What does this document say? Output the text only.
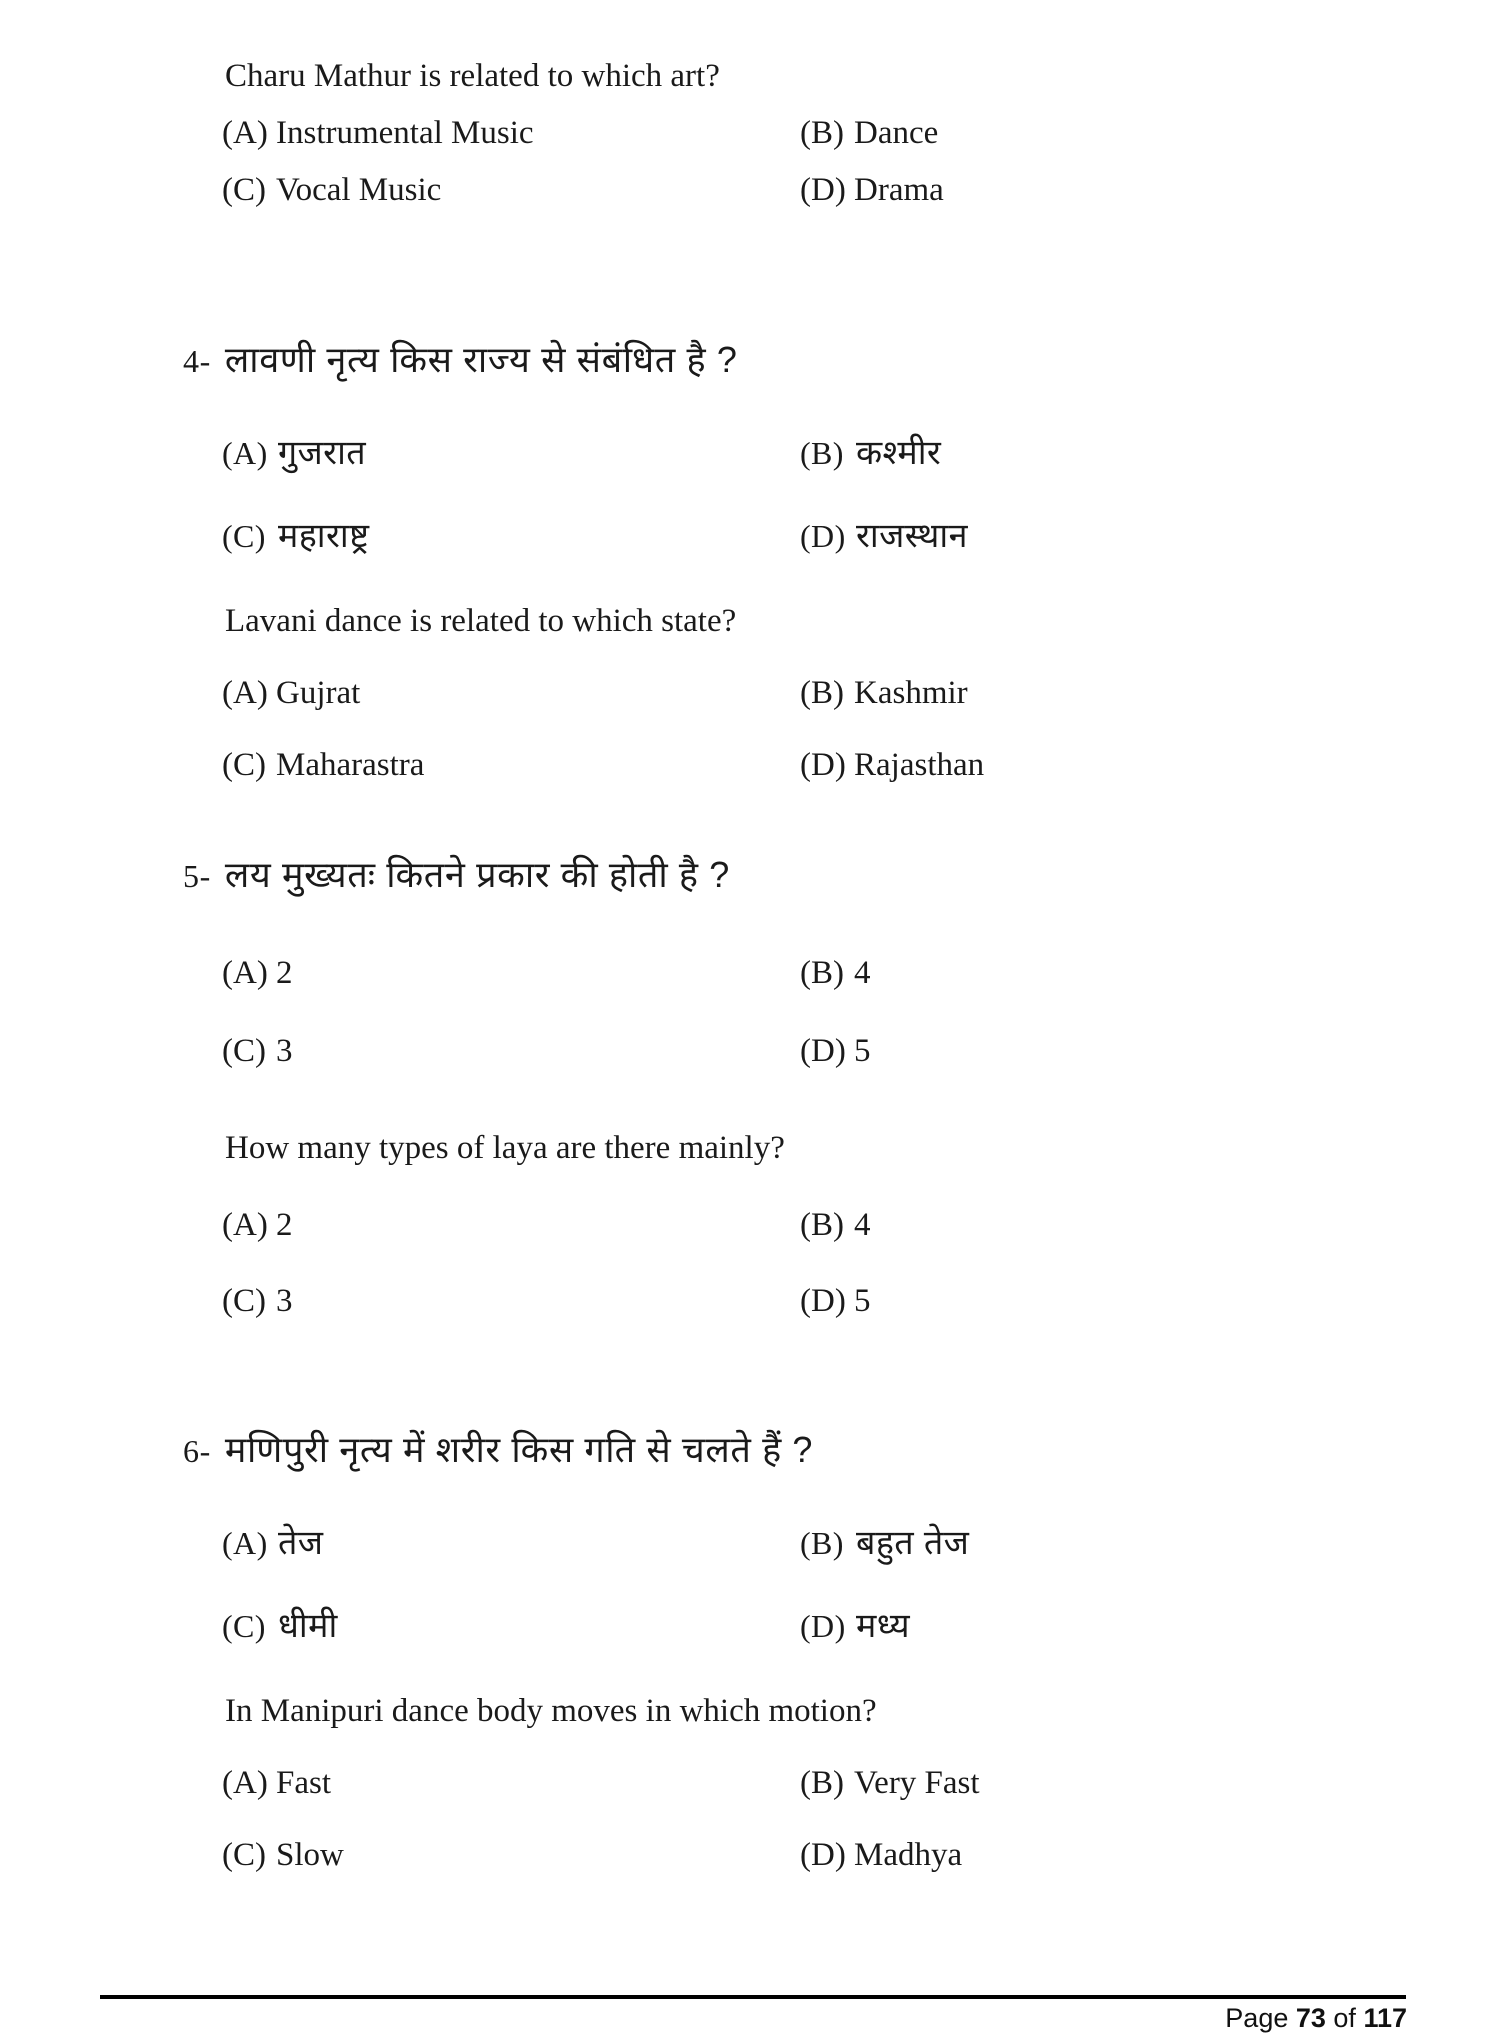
Charu Mathur is related to which art?
(A) Instrumental Music	(B) Dance
(C) Vocal Music	(D) Drama
4- लावणी नृत्य किस राज्य से संबंधित है ?
(A) गुजरात	(B) कश्मीर
(C) महाराष्ट्र	(D) राजस्थान
Lavani dance is related to which state?
(A) Gujrat	(B) Kashmir
(C) Maharastra	(D) Rajasthan
5- लय मुख्यतः कितने प्रकार की होती है ?
(A) 2	(B) 4
(C) 3	(D) 5
How many types of laya are there mainly?
(A) 2	(B) 4
(C) 3	(D) 5
6- मणिपुरी नृत्य में शरीर किस गति से चलते हैं ?
(A) तेज	(B) बहुत तेज
(C) धीमी	(D) मध्य
In Manipuri dance body moves in which motion?
(A) Fast	(B) Very Fast
(C) Slow	(D) Madhya
Page 73 of 117
